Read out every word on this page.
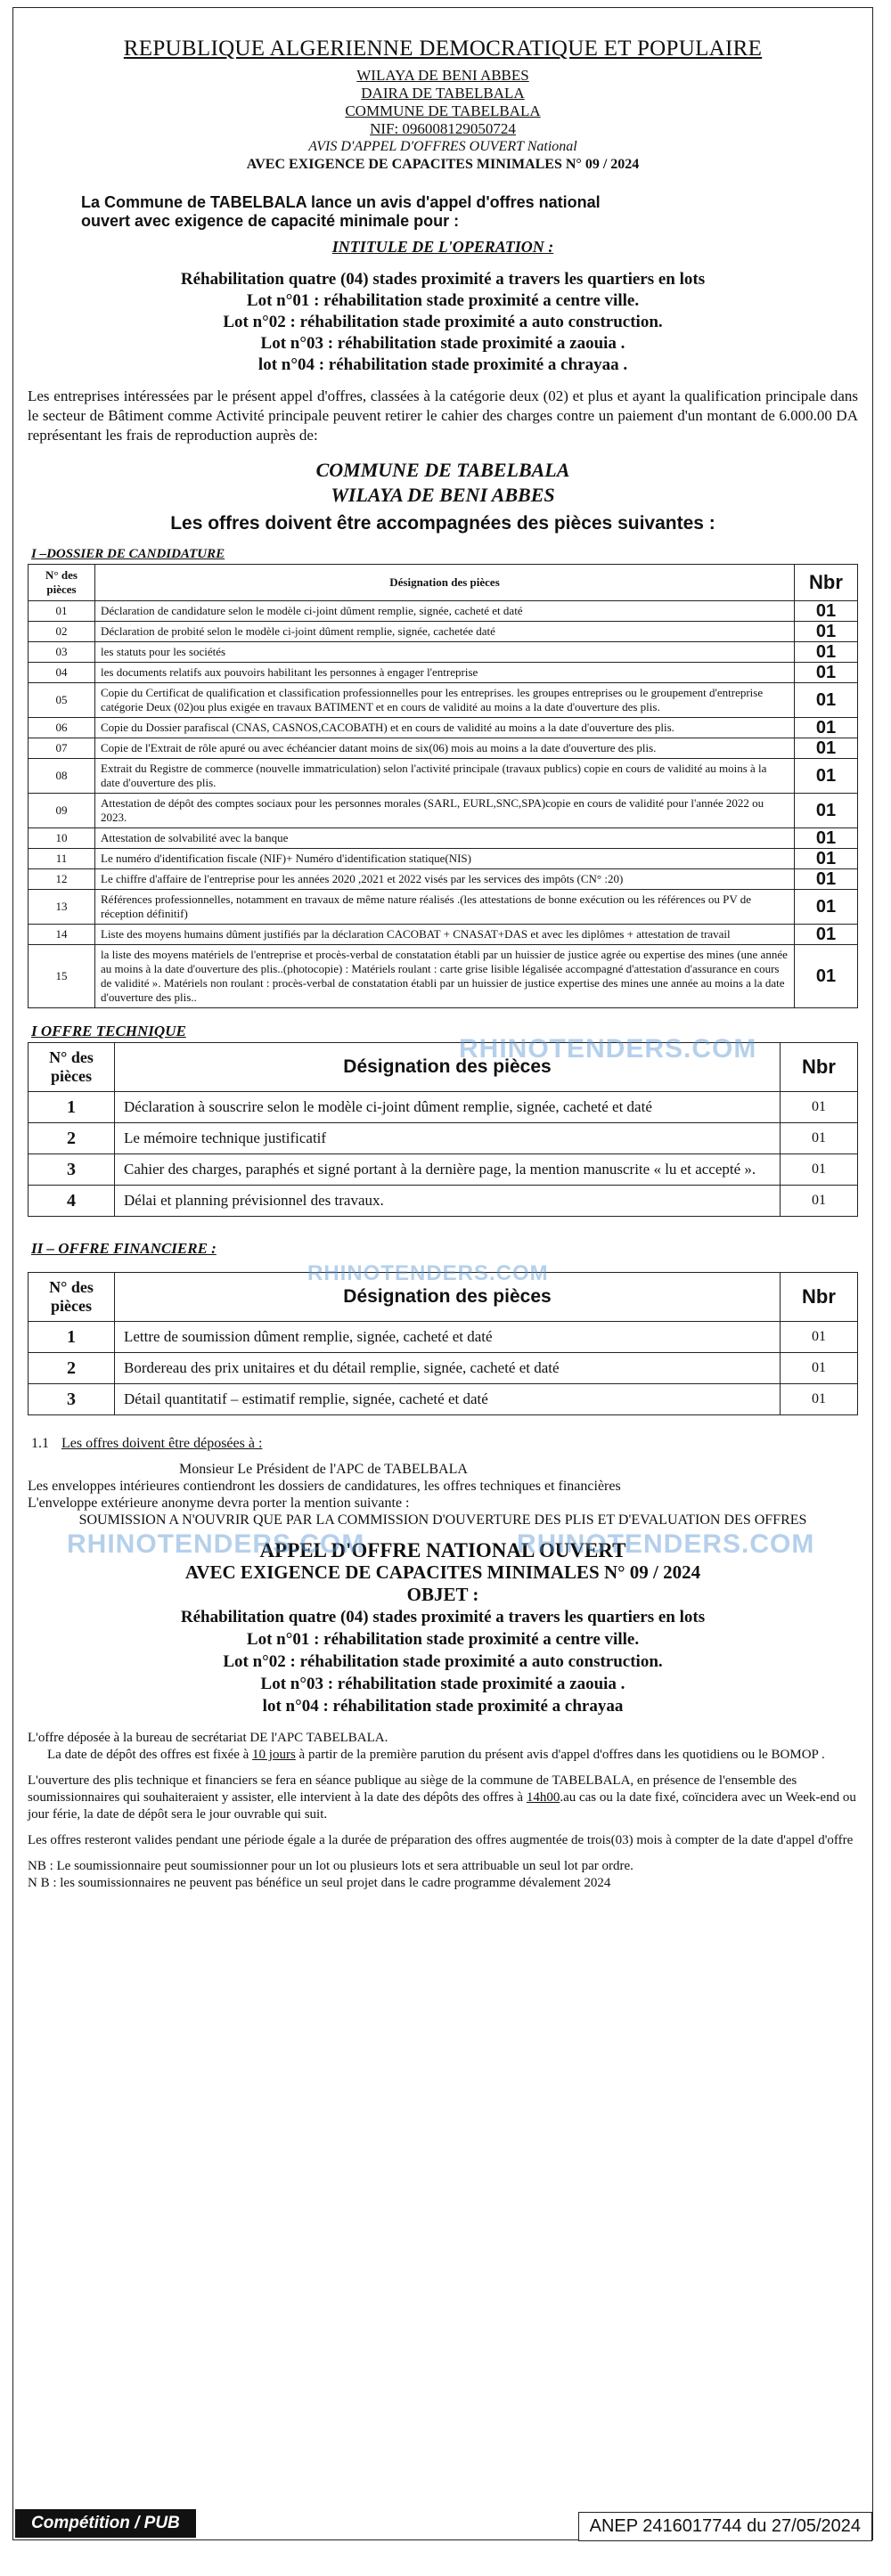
REPUBLIQUE ALGERIENNE DEMOCRATIQUE ET POPULAIRE
WILAYA DE BENI ABBES
DAIRA DE TABELBALA
COMMUNE DE TABELBALA
NIF: 096008129050724
AVIS D'APPEL D'OFFRES OUVERT National
AVEC EXIGENCE DE CAPACITES MINIMALES N° 09 / 2024
La Commune de TABELBALA lance un avis d'appel d'offres national
ouvert avec exigence de capacité minimale pour :
INTITULE DE L'OPERATION :
Réhabilitation quatre (04) stades proximité a travers les quartiers en lots
Lot n°01 : réhabilitation stade proximité a centre ville.
Lot n°02 : réhabilitation stade proximité a auto construction.
Lot n°03 : réhabilitation stade proximité a zaouia .
lot n°04 : réhabilitation stade proximité a chrayaa .
Les entreprises intéressées par le présent appel d'offres, classées à la catégorie deux (02) et plus et ayant la qualification principale dans le secteur de Bâtiment comme Activité principale peuvent retirer le cahier des charges contre un paiement d'un montant de 6.000.00 DA représentant les frais de reproduction auprès de:
COMMUNE DE TABELBALA
WILAYA DE BENI ABBES
Les offres doivent être accompagnées des pièces suivantes :
I –DOSSIER DE CANDIDATURE
N° des pièces	Désignation des pièces	Nbr
01	Déclaration de candidature selon le modèle ci-joint dûment remplie, signée, cacheté et daté	01
02	Déclaration de probité selon le modèle ci-joint dûment remplie, signée, cachetée daté	01
03	les statuts pour les sociétés	01
04	les documents relatifs aux pouvoirs habilitant les personnes à engager l'entreprise	01
05	Copie du Certificat de qualification et classification professionnelles pour les entreprises. les groupes entreprises ou le groupement d'entreprise catégorie Deux (02)ou plus exigée en travaux BATIMENT et en cours de validité au moins a la date d'ouverture des plis.	01
06	Copie du Dossier parafiscal (CNAS, CASNOS,CACOBATH) et en cours de validité au moins a la date d'ouverture des plis.	01
07	Copie de l'Extrait de rôle apuré ou avec échéancier datant moins de six(06) mois au moins a la date d'ouverture des plis.	01
08	Extrait du Registre de commerce (nouvelle immatriculation) selon l'activité principale (travaux publics) copie en cours de validité au moins à la date d'ouverture des plis.	01
09	Attestation de dépôt des comptes sociaux pour les personnes morales (SARL, EURL,SNC,SPA)copie en cours de validité pour l'année 2022 ou 2023.	01
10	Attestation de solvabilité avec la banque	01
11	Le numéro d'identification fiscale (NIF)+ Numéro d'identification statique(NIS)	01
12	Le chiffre d'affaire de l'entreprise pour les années 2020 ,2021 et 2022 visés par les services des impôts (CN° :20)	01
13	Références professionnelles, notamment en travaux de même nature réalisés .(les attestations de bonne exécution ou les références ou PV de réception définitif)	01
14	Liste des moyens humains dûment justifiés par la déclaration CACOBAT + CNASAT+DAS et avec les diplômes + attestation de travail	01
15	la liste des moyens matériels de l'entreprise et procès-verbal de constatation établi par un huissier de justice agrée ou expertise des mines (une année au moins à la date d'ouverture des plis..(photocopie) : Matériels roulant : carte grise lisible légalisée accompagné d'attestation d'assurance en cours de validité ». Matériels non roulant : procès-verbal de constatation établi par un huissier de justice expertise des mines une année au moins a la date d'ouverture des plis..	01
I OFFRE TECHNIQUE
N° des pièces	Désignation des pièces	Nbr
1	Déclaration à souscrire selon le modèle ci-joint dûment remplie, signée, cacheté et daté	01
2	Le mémoire technique justificatif	01
3	Cahier des charges, paraphés et signé portant à la dernière page, la mention manuscrite « lu et accepté ».	01
4	Délai et planning prévisionnel des travaux.	01
II – OFFRE FINANCIERE :
N° des pièces	Désignation des pièces	Nbr
1	Lettre de soumission dûment remplie, signée, cacheté et daté	01
2	Bordereau des prix unitaires et du détail remplie, signée, cacheté et daté	01
3	Détail quantitatif – estimatif remplie, signée, cacheté et daté	01
1.1 Les offres doivent être déposées à :
Monsieur Le Président de l'APC de TABELBALA
Les enveloppes intérieures contiendront les dossiers de candidatures, les offres techniques et financières
L'enveloppe extérieure anonyme devra porter la mention suivante :
SOUMISSION A N'OUVRIR QUE PAR LA COMMISSION D'OUVERTURE DES PLIS ET D'EVALUATION DES OFFRES
APPEL D'OFFRE NATIONAL OUVERT
AVEC EXIGENCE DE CAPACITES MINIMALES N° 09 / 2024
OBJET :
Réhabilitation quatre (04) stades proximité a travers les quartiers en lots
Lot n°01 : réhabilitation stade proximité a centre ville.
Lot n°02 : réhabilitation stade proximité a auto construction.
Lot n°03 : réhabilitation stade proximité a zaouia .
lot n°04 : réhabilitation stade proximité a chrayaa
L'offre déposée à la bureau de secrétariat DE l'APC TABELBALA.
La date de dépôt des offres est fixée à 10 jours à partir de la première parution du présent avis d'appel d'offres dans les quotidiens ou le BOMOP .
L'ouverture des plis technique et financiers se fera en séance publique au siège de la commune de TABELBALA, en présence de l'ensemble des soumissionnaires qui souhaiteraient y assister, elle intervient à la date des dépôts des offres à 14h00.au cas ou la date fixé, coïncidera avec un Week-end ou jour férie, la date de dépôt sera le jour ouvrable qui suit.
Les offres resteront valides pendant une période égale a la durée de préparation des offres augmentée de trois(03) mois à compter de la date d'appel d'offre
NB : Le soumissionnaire peut soumissionner pour un lot ou plusieurs lots et sera attribuable un seul lot par ordre.
N B : les soumissionnaires ne peuvent pas bénéfice un seul projet dans le cadre programme dévalement 2024
RHINOTENDERS.COM
RHINOTENDERS.COM
RHINOTENDERS.COM	RHINOTENDERS.COM
Compétition / PUB	ANEP 2416017744 du 27/05/2024
